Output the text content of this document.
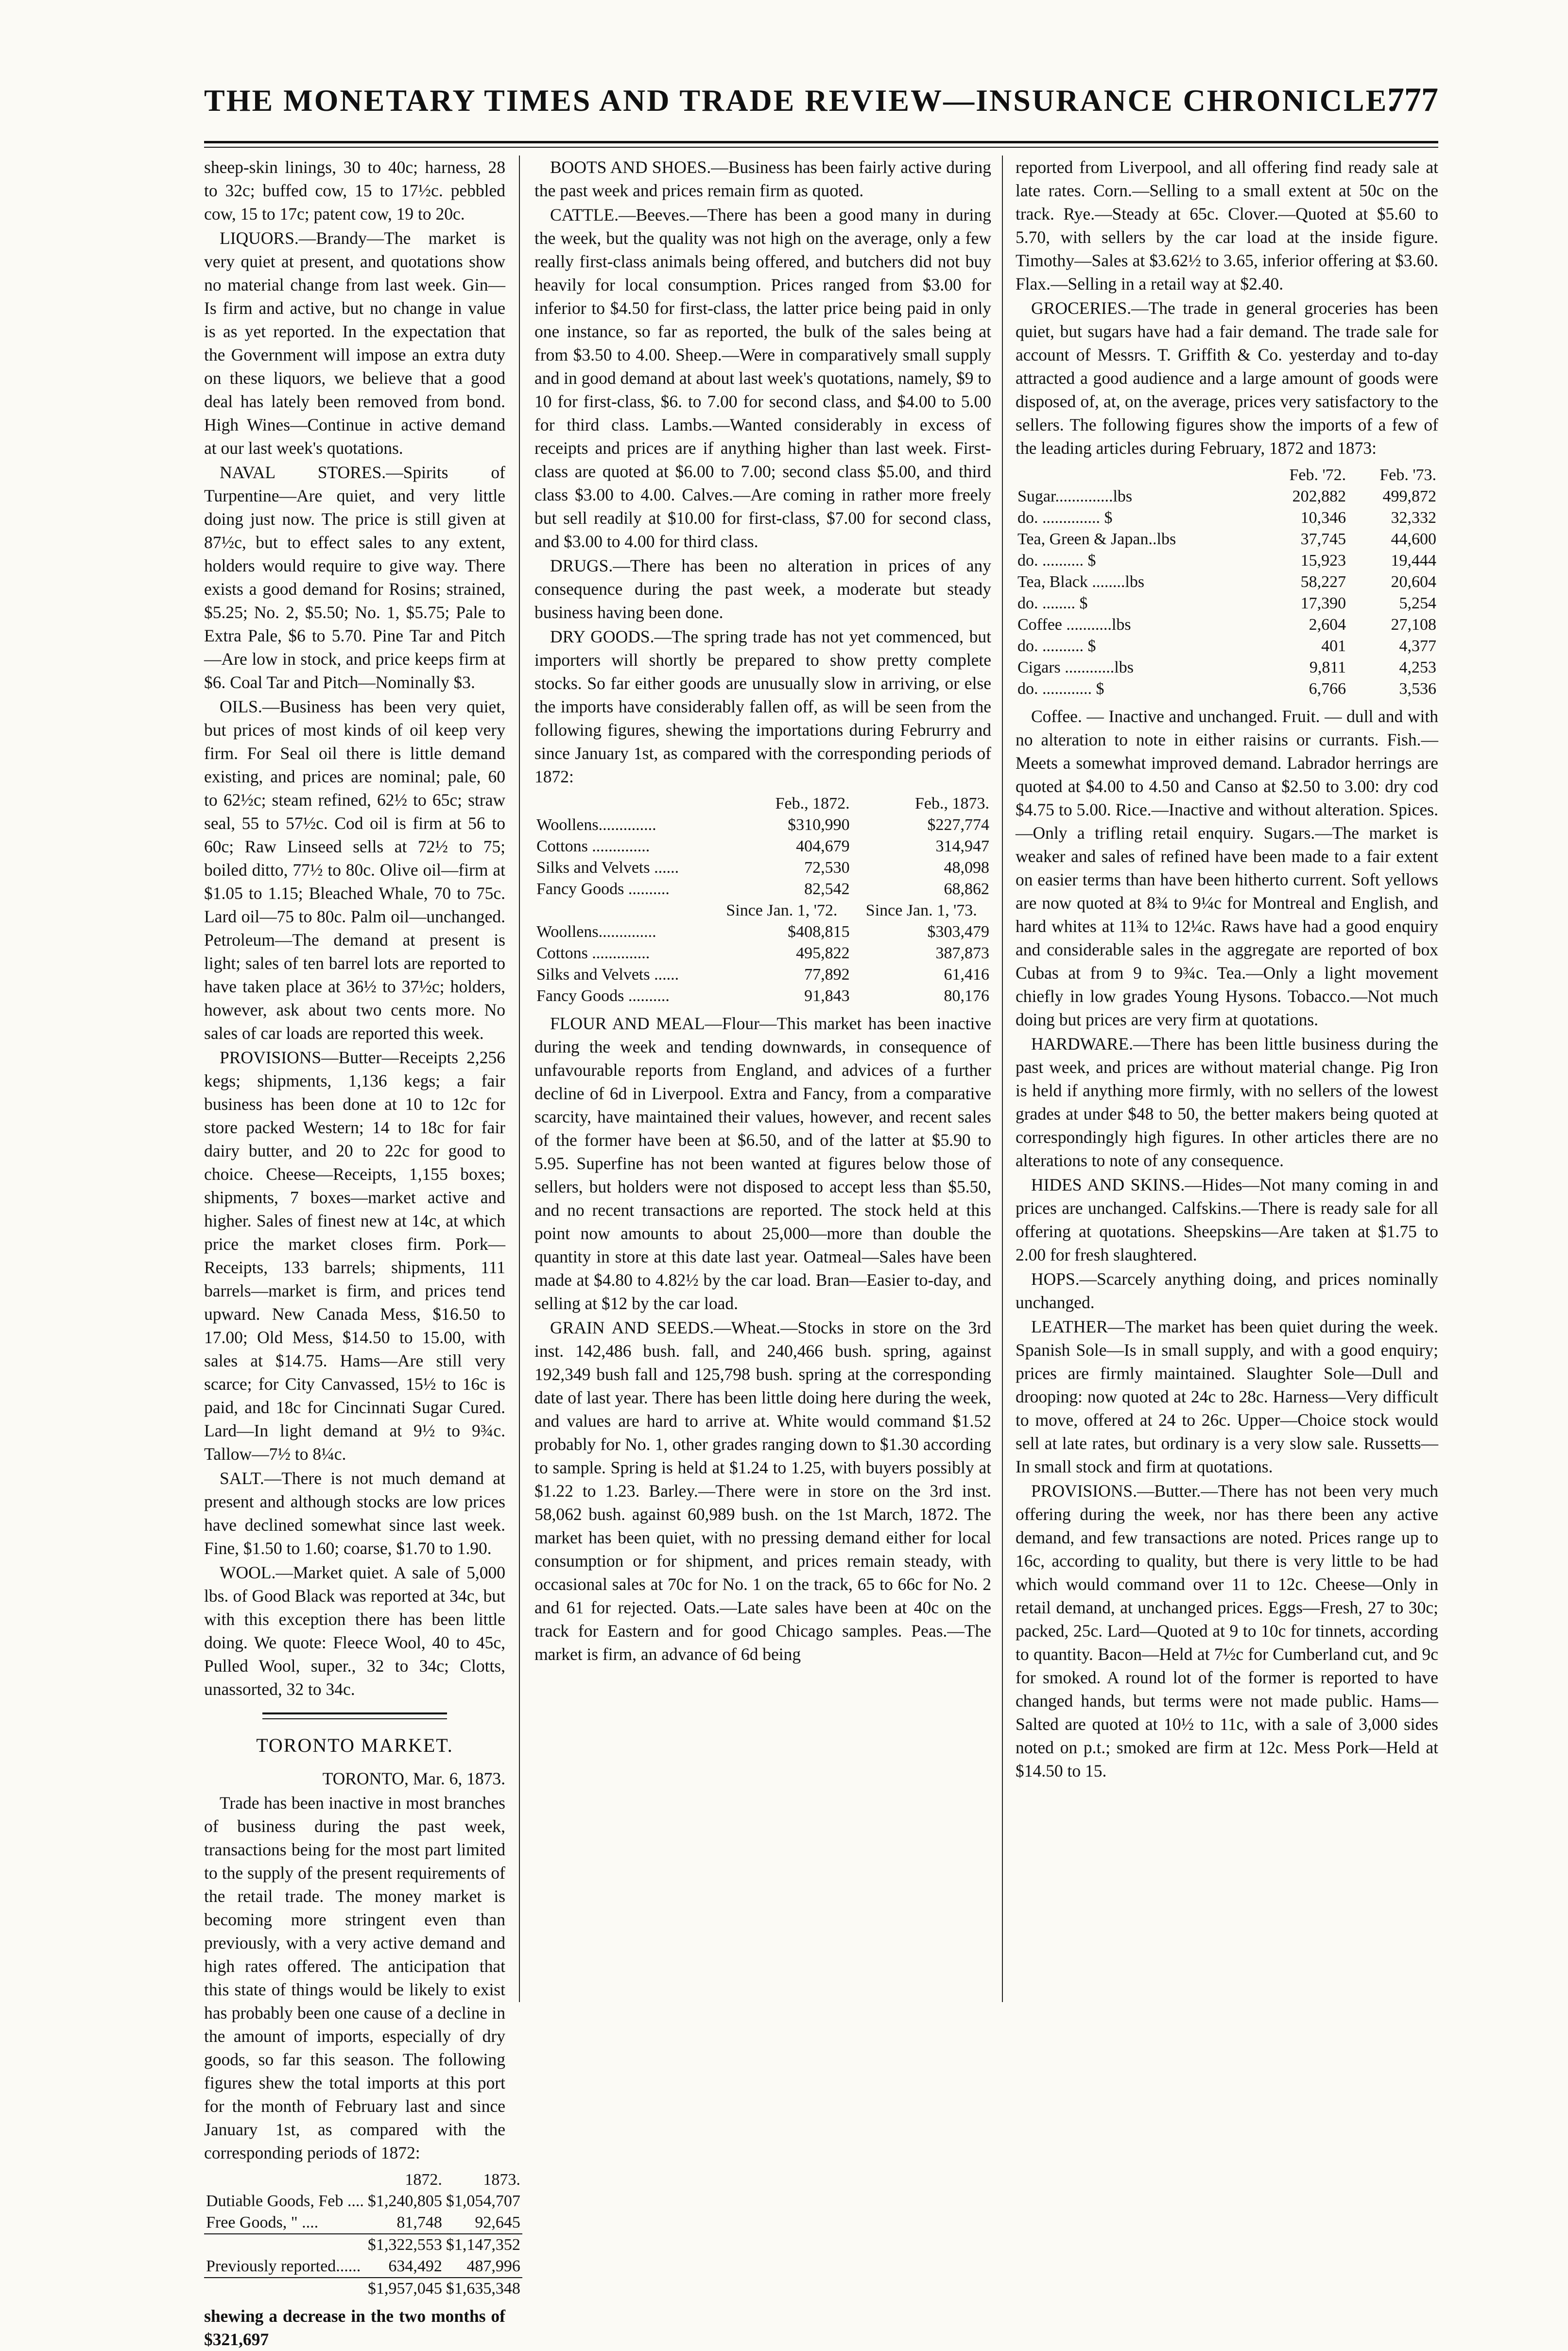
THE MONETARY TIMES AND TRADE REVIEW—INSURANCE CHRONICLE.
777

sheep-skin linings, 30 to 40c; harness, 28 to 32c; buffed cow, 15 to 17½c. pebbled cow, 15 to 17c; patent cow, 19 to 20c.

LIQUORS.—Brandy—The market is very quiet at present, and quotations show no material change from last week. Gin—Is firm and active, but no change in value is as yet reported. In the expectation that the Government will impose an extra duty on these liquors, we believe that a good deal has lately been removed from bond. High Wines—Continue in active demand at our last week's quotations.

NAVAL STORES.—Spirits of Turpentine—Are quiet, and very little doing just now. The price is still given at 87½c, but to effect sales to any extent, holders would require to give way. There exists a good demand for Rosins; strained, $5.25; No. 2, $5.50; No. 1, $5.75; Pale to Extra Pale, $6 to 5.70. Pine Tar and Pitch—Are low in stock, and price keeps firm at $6. Coal Tar and Pitch—Nominally $3.

OILS.—Business has been very quiet, but prices of most kinds of oil keep very firm. For Seal oil there is little demand existing, and prices are nominal; pale, 60 to 62½c; steam refined, 62½ to 65c; straw seal, 55 to 57½c. Cod oil is firm at 56 to 60c; Raw Linseed sells at 72½ to 75; boiled ditto, 77½ to 80c. Olive oil—firm at $1.05 to 1.15; Bleached Whale, 70 to 75c. Lard oil—75 to 80c. Palm oil—unchanged. Petroleum—The demand at present is light; sales of ten barrel lots are reported to have taken place at 36½ to 37½c; holders, however, ask about two cents more. No sales of car loads are reported this week.

PROVISIONS—Butter—Receipts 2,256 kegs; shipments, 1,136 kegs; a fair business has been done at 10 to 12c for store packed Western; 14 to 18c for fair dairy butter, and 20 to 22c for good to choice. Cheese—Receipts, 1,155 boxes; shipments, 7 boxes—market active and higher. Sales of finest new at 14c, at which price the market closes firm. Pork—Receipts, 133 barrels; shipments, 111 barrels—market is firm, and prices tend upward. New Canada Mess, $16.50 to 17.00; Old Mess, $14.50 to 15.00, with sales at $14.75. Hams—Are still very scarce; for City Canvassed, 15½ to 16c is paid, and 18c for Cincinnati Sugar Cured. Lard—In light demand at 9½ to 9¾c. Tallow—7½ to 8¼c.

SALT.—There is not much demand at present and although stocks are low prices have declined somewhat since last week. Fine, $1.50 to 1.60; coarse, $1.70 to 1.90.

WOOL.—Market quiet. A sale of 5,000 lbs. of Good Black was reported at 34c, but with this exception there has been little doing. We quote: Fleece Wool, 40 to 45c, Pulled Wool, super., 32 to 34c; Clotts, unassorted, 32 to 34c.

TORONTO MARKET.

TORONTO, Mar. 6, 1873.

Trade has been inactive in most branches of business during the past week, transactions being for the most part limited to the supply of the present requirements of the retail trade. The money market is becoming more stringent even than previously, with a very active demand and high rates offered. The anticipation that this state of things would be likely to exist has probably been one cause of a decline in the amount of imports, especially of dry goods, so far this season. The following figures shew the total imports at this port for the month of February last and since January 1st, as compared with the corresponding periods of 1872:

	1872.	1873.
Dutiable Goods, Feb ....	$1,240,805	$1,054,707
Free Goods, " ....	81,748	92,645
	$1,322,553	$1,147,352
Previously reported......	634,492	487,996
	$1,957,045	$1,635,348

shewing a decrease in the two months of $321,697

BOOTS AND SHOES.—Business has been fairly active during the past week and prices remain firm as quoted.

CATTLE.—Beeves.—There has been a good many in during the week, but the quality was not high on the average, only a few really first-class animals being offered, and butchers did not buy heavily for local consumption. Prices ranged from $3.00 for inferior to $4.50 for first-class, the latter price being paid in only one instance, so far as reported, the bulk of the sales being at from $3.50 to 4.00. Sheep.—Were in comparatively small supply and in good demand at about last week's quotations, namely, $9 to 10 for first-class, $6. to 7.00 for second class, and $4.00 to 5.00 for third class. Lambs.—Wanted considerably in excess of receipts and prices are if anything higher than last week. First-class are quoted at $6.00 to 7.00; second class $5.00, and third class $3.00 to 4.00. Calves.—Are coming in rather more freely but sell readily at $10.00 for first-class, $7.00 for second class, and $3.00 to 4.00 for third class.

DRUGS.—There has been no alteration in prices of any consequence during the past week, a moderate but steady business having been done.

DRY GOODS.—The spring trade has not yet commenced, but importers will shortly be prepared to show pretty complete stocks. So far either goods are unusually slow in arriving, or else the imports have considerably fallen off, as will be seen from the following figures, shewing the importations during Februrry and since January 1st, as compared with the corresponding periods of 1872:

	Feb., 1872.	Feb., 1873.
Woollens..............	$310,990	$227,774
Cottons ..............	404,679	314,947
Silks and Velvets ......	72,530	48,098
Fancy Goods ..........	82,542	68,862
	Since Jan. 1, '72.	Since Jan. 1, '73.
Woollens..............	$408,815	$303,479
Cottons ..............	495,822	387,873
Silks and Velvets ......	77,892	61,416
Fancy Goods ..........	91,843	80,176

FLOUR AND MEAL—Flour—This market has been inactive during the week and tending downwards, in consequence of unfavourable reports from England, and advices of a further decline of 6d in Liverpool. Extra and Fancy, from a comparative scarcity, have maintained their values, however, and recent sales of the former have been at $6.50, and of the latter at $5.90 to 5.95. Superfine has not been wanted at figures below those of sellers, but holders were not disposed to accept less than $5.50, and no recent transactions are reported. The stock held at this point now amounts to about 25,000—more than double the quantity in store at this date last year. Oatmeal—Sales have been made at $4.80 to 4.82½ by the car load. Bran—Easier to-day, and selling at $12 by the car load.

GRAIN AND SEEDS.—Wheat.—Stocks in store on the 3rd inst. 142,486 bush. fall, and 240,466 bush. spring, against 192,349 bush fall and 125,798 bush. spring at the corresponding date of last year. There has been little doing here during the week, and values are hard to arrive at. White would command $1.52 probably for No. 1, other grades ranging down to $1.30 according to sample. Spring is held at $1.24 to 1.25, with buyers possibly at $1.22 to 1.23. Barley.—There were in store on the 3rd inst. 58,062 bush. against 60,989 bush. on the 1st March, 1872. The market has been quiet, with no pressing demand either for local consumption or for shipment, and prices remain steady, with occasional sales at 70c for No. 1 on the track, 65 to 66c for No. 2 and 61 for rejected. Oats.—Late sales have been at 40c on the track for Eastern and for good Chicago samples. Peas.—The market is firm, an advance of 6d being

reported from Liverpool, and all offering find ready sale at late rates. Corn.—Selling to a small extent at 50c on the track. Rye.—Steady at 65c. Clover.—Quoted at $5.60 to 5.70, with sellers by the car load at the inside figure. Timothy—Sales at $3.62½ to 3.65, inferior offering at $3.60. Flax.—Selling in a retail way at $2.40.

GROCERIES.—The trade in general groceries has been quiet, but sugars have had a fair demand. The trade sale for account of Messrs. T. Griffith & Co. yesterday and to-day attracted a good audience and a large amount of goods were disposed of, at, on the average, prices very satisfactory to the sellers. The following figures show the imports of a few of the leading articles during February, 1872 and 1873:

	Feb. '72.	Feb. '73.
Sugar..............lbs	202,882	499,872
do. .............. $	10,346	32,332
Tea, Green & Japan..lbs	37,745	44,600
do. .......... $	15,923	19,444
Tea, Black ........lbs	58,227	20,604
do. ........ $	17,390	5,254
Coffee ...........lbs	2,604	27,108
do. .......... $	401	4,377
Cigars ............lbs	9,811	4,253
do. ............ $	6,766	3,536

Coffee. — Inactive and unchanged. Fruit. — dull and with no alteration to note in either raisins or currants. Fish.—Meets a somewhat improved demand. Labrador herrings are quoted at $4.00 to 4.50 and Canso at $2.50 to 3.00: dry cod $4.75 to 5.00. Rice.—Inactive and without alteration. Spices.—Only a trifling retail enquiry. Sugars.—The market is weaker and sales of refined have been made to a fair extent on easier terms than have been hitherto current. Soft yellows are now quoted at 8¾ to 9¼c for Montreal and English, and hard whites at 11¾ to 12¼c. Raws have had a good enquiry and considerable sales in the aggregate are reported of box Cubas at from 9 to 9¾c. Tea.—Only a light movement chiefly in low grades Young Hysons. Tobacco.—Not much doing but prices are very firm at quotations.

HARDWARE.—There has been little business during the past week, and prices are without material change. Pig Iron is held if anything more firmly, with no sellers of the lowest grades at under $48 to 50, the better makers being quoted at correspondingly high figures. In other articles there are no alterations to note of any consequence.

HIDES AND SKINS.—Hides—Not many coming in and prices are unchanged. Calfskins.—There is ready sale for all offering at quotations. Sheepskins—Are taken at $1.75 to 2.00 for fresh slaughtered.

HOPS.—Scarcely anything doing, and prices nominally unchanged.

LEATHER—The market has been quiet during the week. Spanish Sole—Is in small supply, and with a good enquiry; prices are firmly maintained. Slaughter Sole—Dull and drooping: now quoted at 24c to 28c. Harness—Very difficult to move, offered at 24 to 26c. Upper—Choice stock would sell at late rates, but ordinary is a very slow sale. Russetts—In small stock and firm at quotations.

PROVISIONS.—Butter.—There has not been very much offering during the week, nor has there been any active demand, and few transactions are noted. Prices range up to 16c, according to quality, but there is very little to be had which would command over 11 to 12c. Cheese—Only in retail demand, at unchanged prices. Eggs—Fresh, 27 to 30c; packed, 25c. Lard—Quoted at 9 to 10c for tinnets, according to quantity. Bacon—Held at 7½c for Cumberland cut, and 9c for smoked. A round lot of the former is reported to have changed hands, but terms were not made public. Hams—Salted are quoted at 10½ to 11c, with a sale of 3,000 sides noted on p.t.; smoked are firm at 12c. Mess Pork—Held at $14.50 to 15.
